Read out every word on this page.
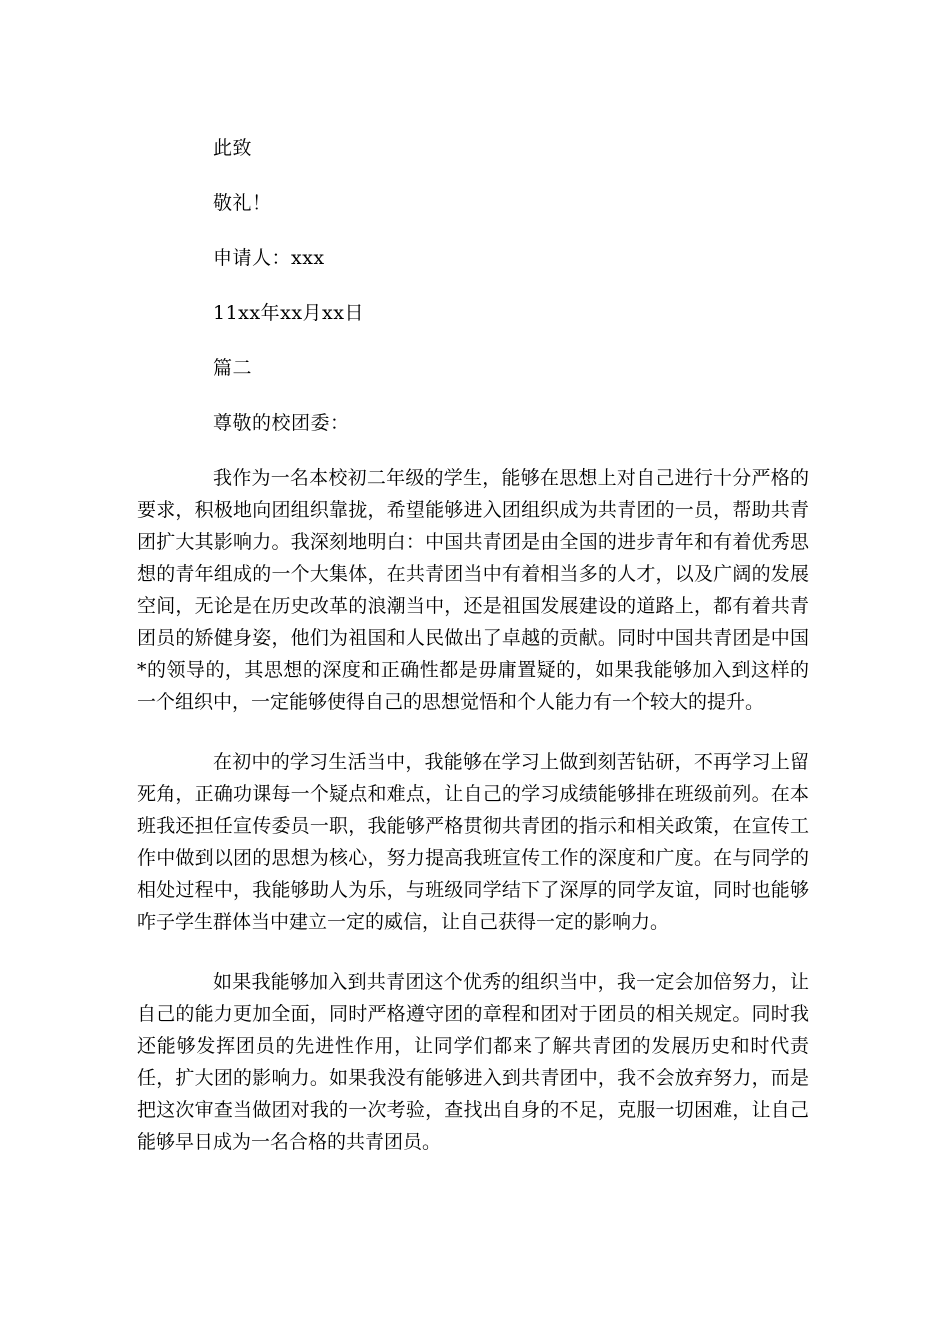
此致
敬礼！
申请人：xxx
11xx年xx月xx日
篇二
尊敬的校团委：

我作为一名本校初二年级的学生，能够在思想上对自己进行十分严格的要求，积极地向团组织靠拢，希望能够进入团组织成为共青团的一员，帮助共青团扩大其影响力。我深刻地明白：中国共青团是由全国的进步青年和有着优秀思想的青年组成的一个大集体，在共青团当中有着相当多的人才，以及广阔的发展空间，无论是在历史改革的浪潮当中，还是祖国发展建设的道路上，都有着共青团员的矫健身姿，他们为祖国和人民做出了卓越的贡献。同时中国共青团是中国*的领导的，其思想的深度和正确性都是毋庸置疑的，如果我能够加入到这样的一个组织中，一定能够使得自己的思想觉悟和个人能力有一个较大的提升。

在初中的学习生活当中，我能够在学习上做到刻苦钻研，不再学习上留死角，正确功课每一个疑点和难点，让自己的学习成绩能够排在班级前列。在本班我还担任宣传委员一职，我能够严格贯彻共青团的指示和相关政策，在宣传工作中做到以团的思想为核心，努力提高我班宣传工作的深度和广度。在与同学的相处过程中，我能够助人为乐，与班级同学结下了深厚的同学友谊，同时也能够咋子学生群体当中建立一定的威信，让自己获得一定的影响力。

如果我能够加入到共青团这个优秀的组织当中，我一定会加倍努力，让自己的能力更加全面，同时严格遵守团的章程和团对于团员的相关规定。同时我还能够发挥团员的先进性作用，让同学们都来了解共青团的发展历史和时代责任，扩大团的影响力。如果我没有能够进入到共青团中，我不会放弃努力，而是把这次审查当做团对我的一次考验，查找出自身的不足，克服一切困难，让自己能够早日成为一名合格的共青团员。
